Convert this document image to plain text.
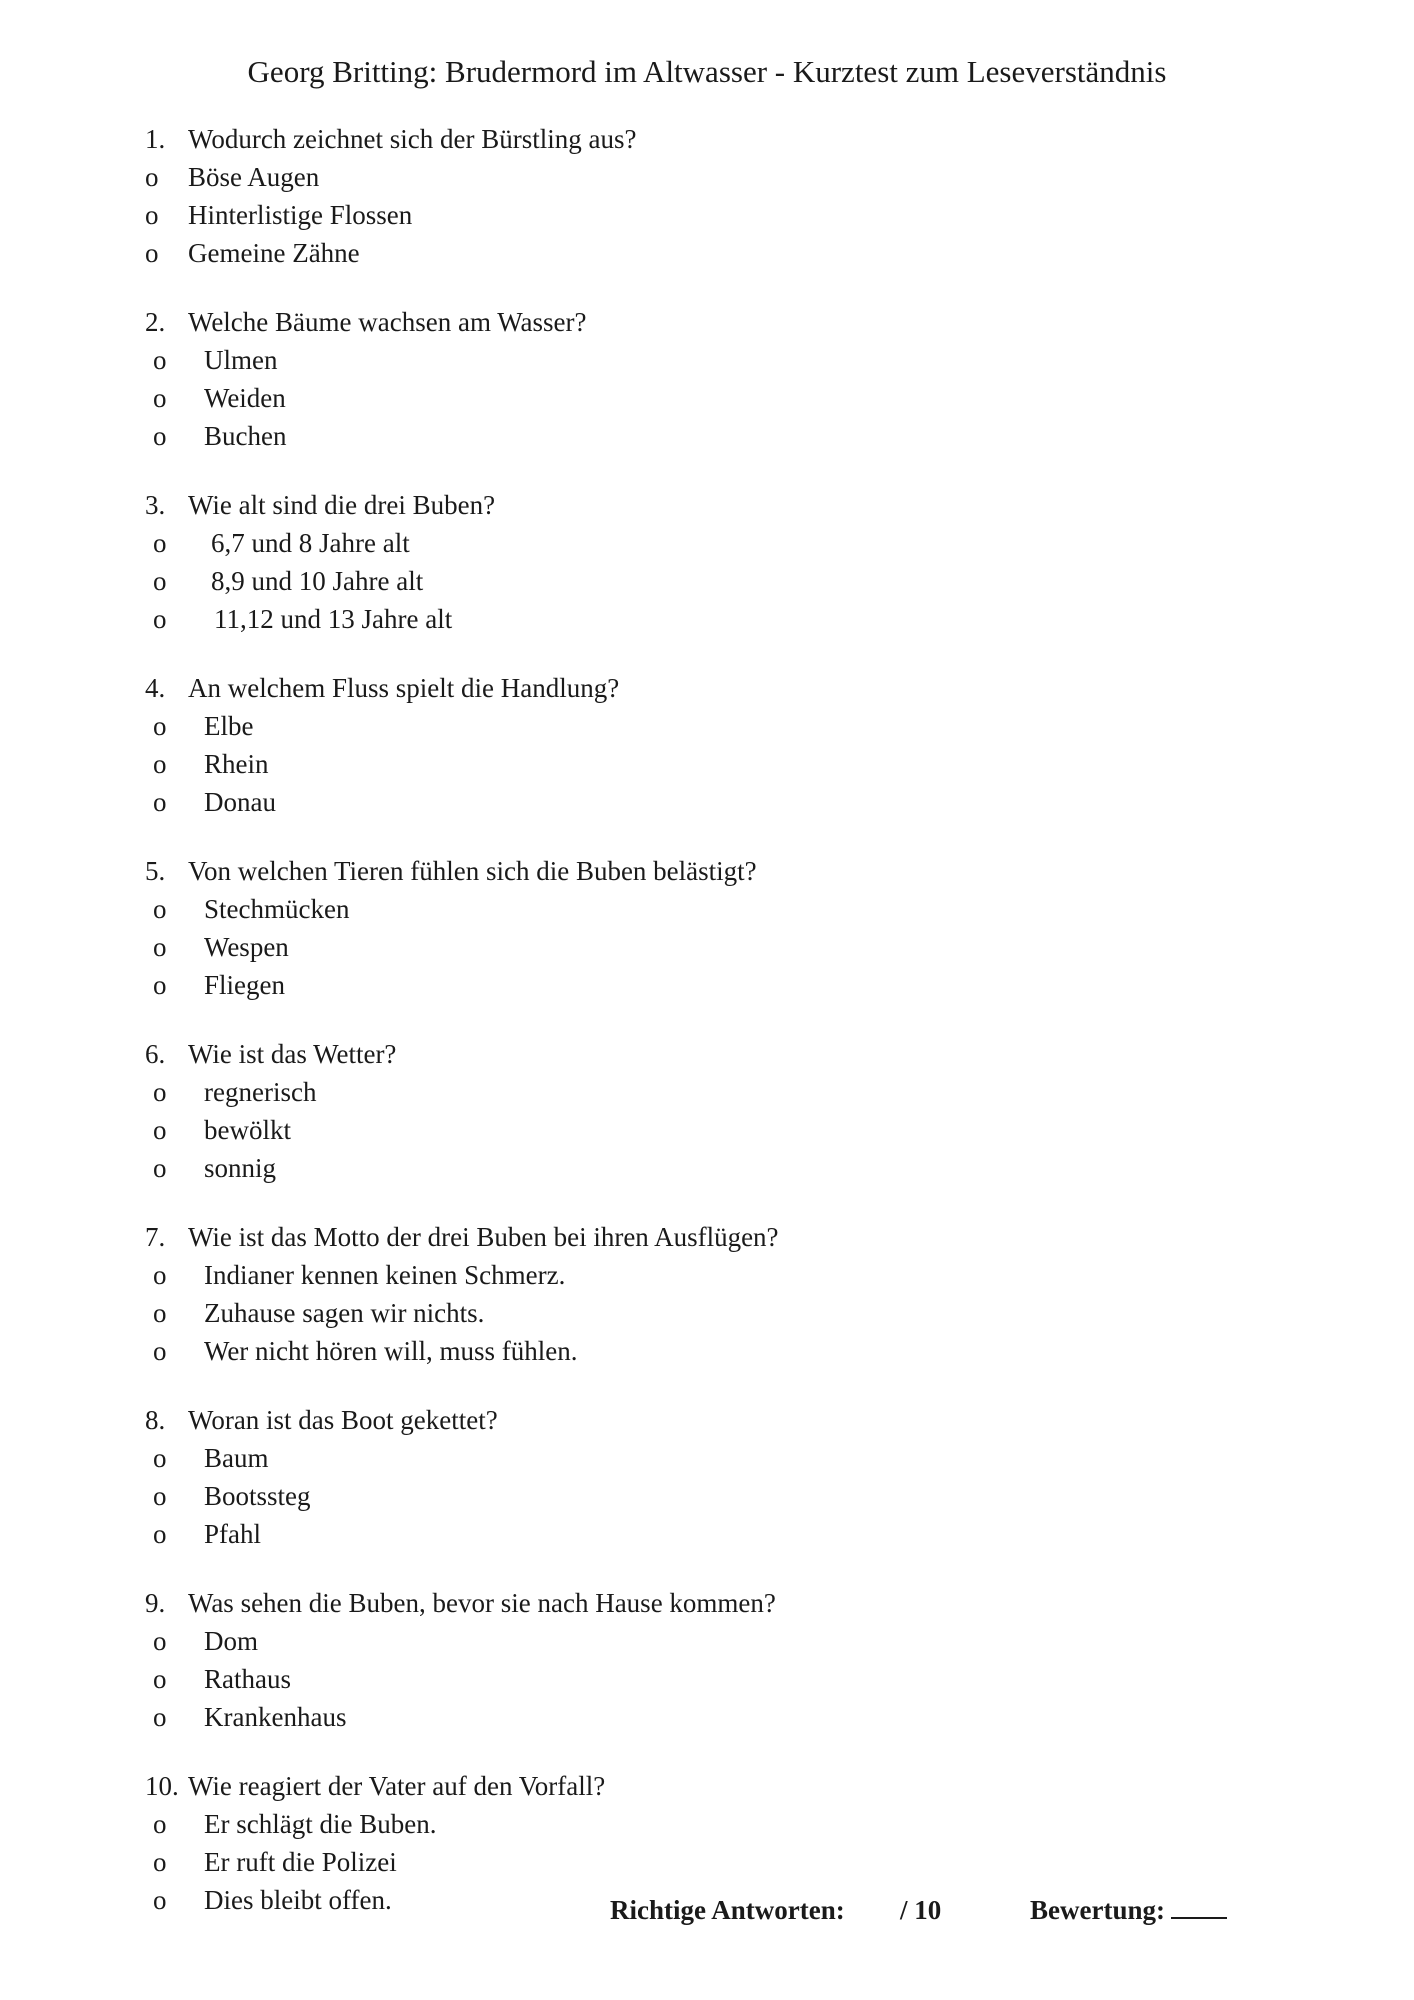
Georg Britting: Brudermord im Altwasser - Kurztest zum Leseverständnis
1. Wodurch zeichnet sich der Bürstling aus?
o	Böse Augen
o	Hinterlistige Flossen
o	Gemeine Zähne
2. Welche Bäume wachsen am Wasser?
o	Ulmen
o	Weiden
o	Buchen
3. Wie alt sind die drei Buben?
o	6,7 und 8 Jahre alt
o	8,9 und 10 Jahre alt
o	11,12 und 13 Jahre alt
4. An welchem Fluss spielt die Handlung?
o	Elbe
o	Rhein
o	Donau
5. Von welchen Tieren fühlen sich die Buben belästigt?
o	Stechmücken
o	Wespen
o	Fliegen
6. Wie ist das Wetter?
o	regnerisch
o	bewölkt
o	sonnig
7. Wie ist das Motto der drei Buben bei ihren Ausflügen?
o	Indianer kennen keinen Schmerz.
o	Zuhause sagen wir nichts.
o	Wer nicht hören will, muss fühlen.
8. Woran ist das Boot gekettet?
o	Baum
o	Bootssteg
o	Pfahl
9. Was sehen die Buben, bevor sie nach Hause kommen?
o	Dom
o	Rathaus
o	Krankenhaus
10. Wie reagiert der Vater auf den Vorfall?
o	Er schlägt die Buben.
o	Er ruft die Polizei
o	Dies bleibt offen.	Richtige Antworten: / 10	Bewertung:
